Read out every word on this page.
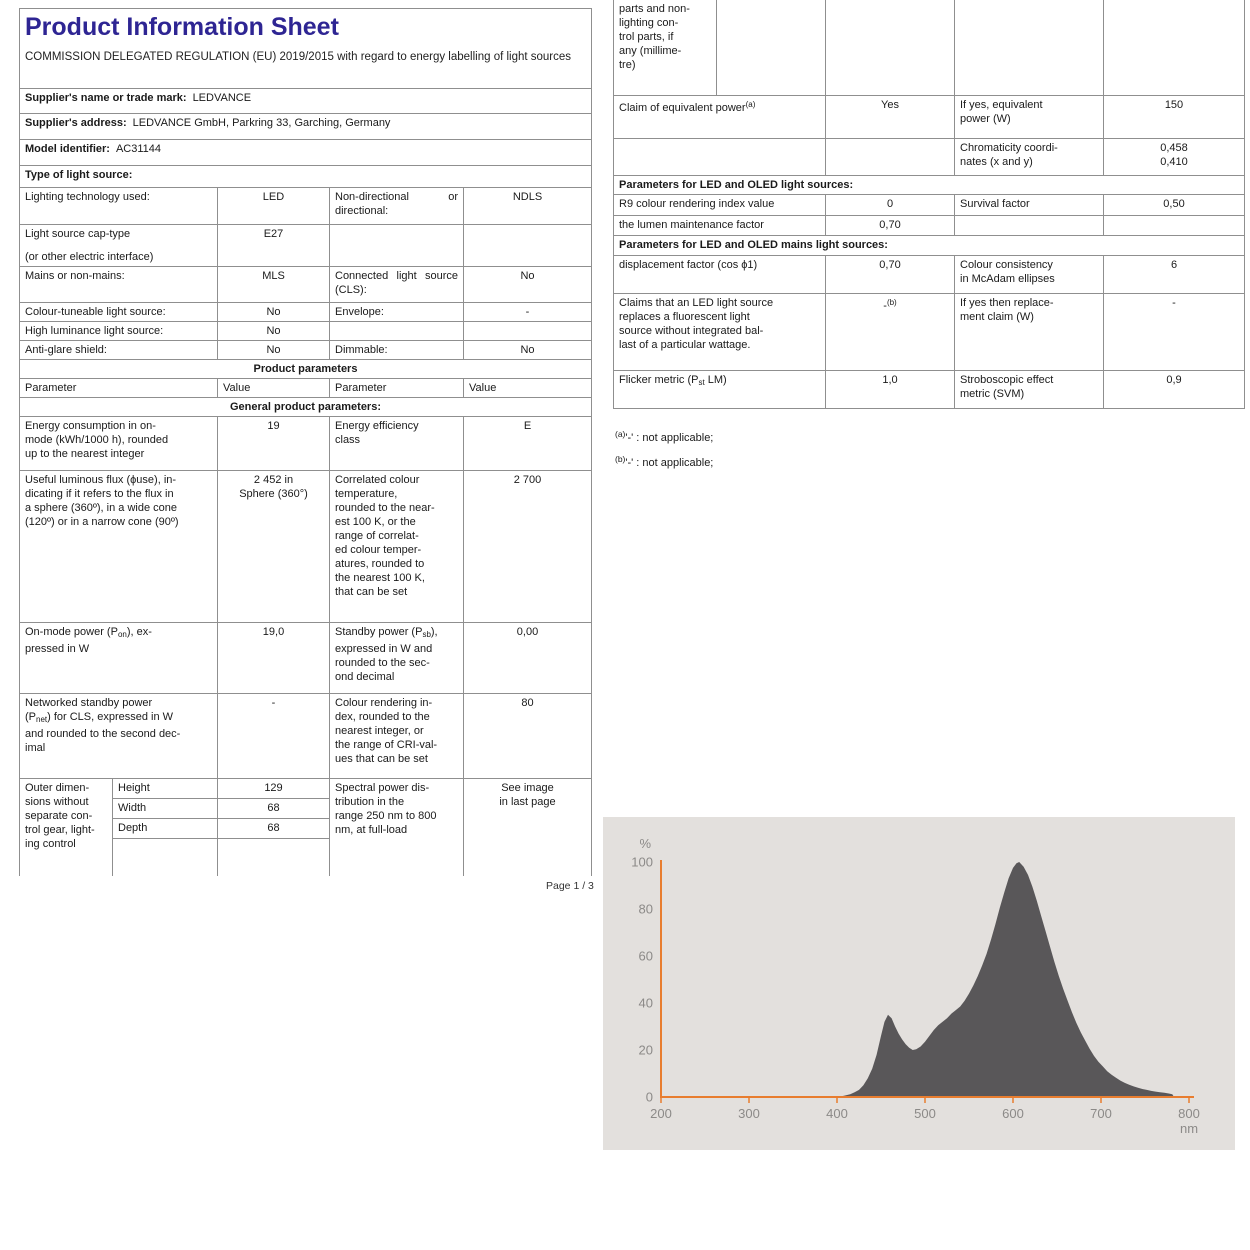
Product Information Sheet

COMMISSION DELEGATED REGULATION (EU) 2019/2015 with regard to energy labelling of light sources

Supplier's name or trade mark: LEDVANCE				
Supplier's address: LEDVANCE GmbH, Parkring 33, Garching, Germany				
Model identifier: AC31144				
Type of light source:				
Lighting technology used:		LED	Non-directional or directional:	NDLS

Light source cap-type
(or other electric interface)		E27		
Mains or non-mains:		MLS	Connected light source (CLS):	No
Colour-tuneable light source:		No	Envelope:	-
High luminance light source:		No		
Anti-glare shield:		No	Dimmable:	No
Product parameters				
Parameter		Value	Parameter	Value
General product parameters:				
Energy consumption in on-
mode (kWh/1000 h), rounded
up to the nearest integer		19	Energy efficiency
class	E
Useful luminous flux (ϕuse), in-
dicating if it refers to the flux in
a sphere (360º), in a wide cone
(120º) or in a narrow cone (90º)	2 452 in
Sphere (360°)	Correlated colour
temperature,
rounded to the near-
est 100 K, or the
range of correlat-
ed colour temper-
atures, rounded to
the nearest 100 K,
that can be set	2 700
On-mode power $(P_{on})$, ex-
pressed in W		19,0	Standby power $(P_{sb})$,
expressed in W and
rounded to the sec-
ond decimal	0,00
Networked standby power
$(P_{net})$ for CLS, expressed in W
and rounded to the second dec-
imal		-	Colour rendering in-
dex, rounded to the
nearest integer, or
the range of CRI-val-
ues that can be set	80
Outer dimen-
sions without
separate con-
trol gear, light-
ing control	Height	129	Spectral power dis-
tribution in the
range 250 nm to 800
nm, at full-load	See image
in last page
	Width	68		
	Depth	68		

parts and non-
lighting con-
trol parts, if
any (millime-
tre)				
Claim of equivalent power$^{(a)}$		Yes	If yes, equivalent
power (W)	150
			Chromaticity coordi-
nates (x and y)	0,458
0,410
Parameters for LED and OLED light sources:				
R9 colour rendering index value		0	Survival factor	0,50
the lumen maintenance factor		0,70		
Parameters for LED and OLED mains light sources:				
displacement factor (cos ϕ1)		0,70	Colour consistency
in McAdam ellipses	6
Claims that an LED light source
replaces a fluorescent light
source without integrated bal-
last of a particular wattage.		-$^{(b)}$	If yes then replace-
ment claim (W)	-
Flicker metric ($P_{st}$ LM)		1,0	Stroboscopic effect
metric (SVM)	0,9
$^{(a)}$'-' : not applicable;
$^{(b)}$'-' : not applicable;
Page 1 / 3
200	300	400	500	600	700	800
nm
0
20
40
60
80
100
%
